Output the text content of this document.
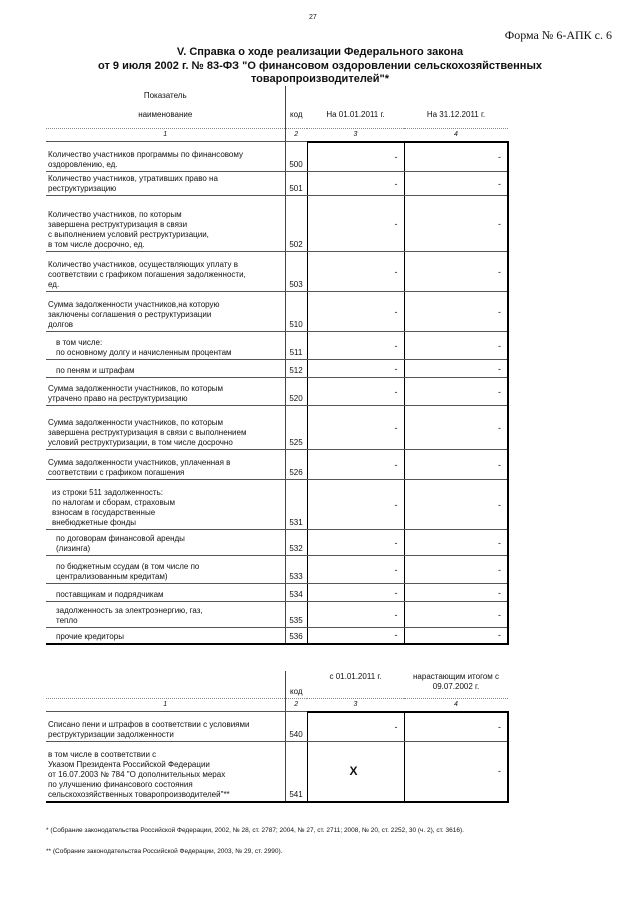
27
Форма № 6-АПК с. 6
V. Справка о ходе реализации Федерального закона
от 9 июля 2002 г. № 83-ФЗ "О финансовом оздоровлении сельскохозяйственных
товаропроизводителей"*
Показатель			
наименование	код	На 01.01.2011 г.	На 31.12.2011 г.
1	2	3	4
Количество участников программы по финансовому
оздоровлению, ед.	500	-	-
Количество участников, утративших право на
реструктуризацию	501	-	-
Количество участников, по которым
завершена реструктуризация в связи
с выполнением условий реструктуризации,
в том числе досрочно, ед.	502	-	-
Количество участников, осуществляющих уплату в
соответствии с графиком погашения задолженности,
ед.	503	-	-
Сумма задолженности участников,на которую
заключены соглашения о реструктуризации
долгов	510	-	-
в том числе:
по основному долгу и начисленным процентам	511	-	-
по пеням и штрафам	512	-	-
Сумма задолженности участников, по которым
утрачено право на реструктуризацию	520	-	-
Сумма задолженности участников, по которым
завершена реструктуризация в связи с выполнением
условий реструктуризации, в том числе досрочно	525	-	-
Сумма задолженности участников, уплаченная в
соответствии с графиком погашения	526	-	-
из строки 511 задолженность:
по налогам и сборам, страховым
взносам в государственные
внебюджетные фонды	531	-	-
по договорам финансовой аренды
(лизинга)	532	-	-
по бюджетным ссудам (в том числе по
централизованным кредитам)	533	-	-
поставщикам и подрядчикам	534	-	-
задолженность за электроэнергию, газ,
тепло	535	-	-
прочие кредиторы	536	-	-
	код	с 01.01.2011 г.	нарастающим итогом с
09.07.2002 г.
1	2	3	4
Списано пени и штрафов в соответствии с условиями
реструктуризации задолженности	540	-	-
в том числе в соответствии с
Указом Президента Российской Федерации
от 16.07.2003 № 784 "О дополнительных мерах
по улучшению финансового состояния
сельскохозяйственных товаропроизводителей"**	541	X	-
* (Собрание законодательства Российской Федерации, 2002, № 28, ст. 2787; 2004, № 27, ст. 2711; 2008, № 20, ст. 2252, 30 (ч. 2), ст. 3616).
** (Собрание законодательства Российской Федерации, 2003, № 29, ст. 2990).
